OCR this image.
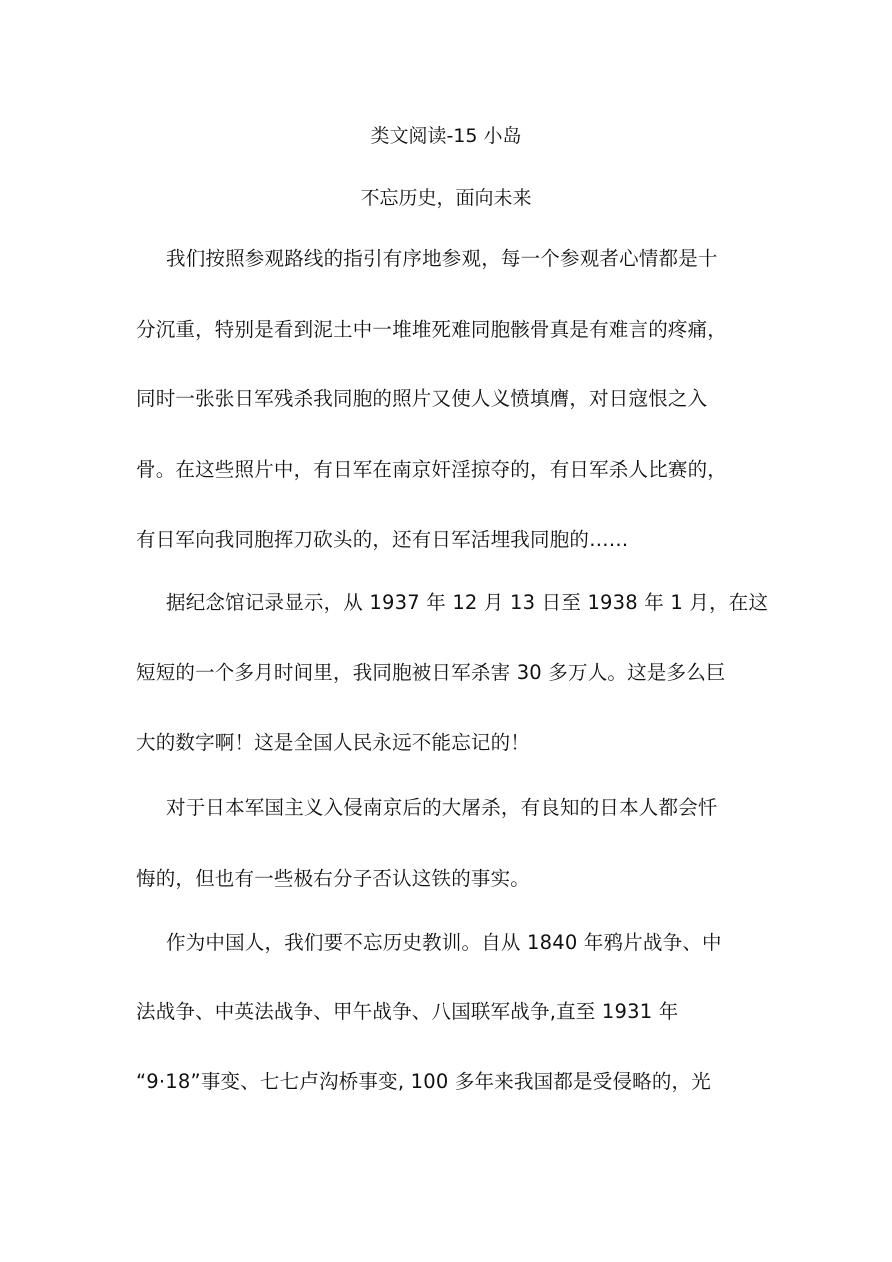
类文阅读-15 小岛
不忘历史，面向未来
我们按照参观路线的指引有序地参观，每一个参观者心情都是十
分沉重，特别是看到泥土中一堆堆死难同胞骸骨真是有难言的疼痛，
同时一张张日军残杀我同胞的照片又使人义愤填膺，对日寇恨之入
骨。在这些照片中，有日军在南京奸淫掠夺的，有日军杀人比赛的，
有日军向我同胞挥刀砍头的，还有日军活埋我同胞的……
据纪念馆记录显示，从 1937 年 12 月 13 日至 1938 年 1 月，在这
短短的一个多月时间里，我同胞被日军杀害 30 多万人。这是多么巨
大的数字啊！这是全国人民永远不能忘记的！
对于日本军国主义入侵南京后的大屠杀，有良知的日本人都会忏
悔的，但也有一些极右分子否认这铁的事实。
作为中国人，我们要不忘历史教训。自从 1840 年鸦片战争、中
法战争、中英法战争、甲午战争、八国联军战争,直至 1931 年
“9·18”事变、七七卢沟桥事变, 100 多年来我国都是受侵略的，光
